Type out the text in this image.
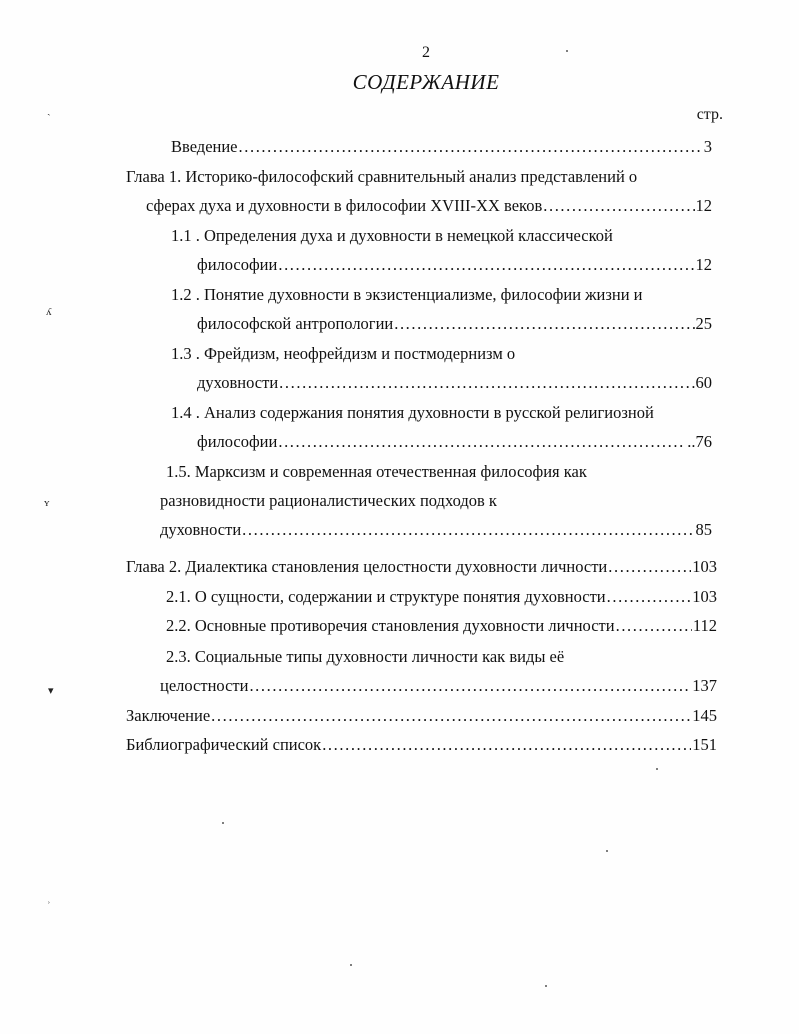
2
СОДЕРЖАНИЕ
стр.
Введение .....	3
Глава 1. Историко-философский сравнительный анализ представлений о
сферах духа и духовности в философии XVIII-XX веков .....	12
1.1 . Определения духа и духовности в немецкой классической
философии .....	12
1.2 . Понятие духовности в экзистенциализме, философии жизни и
философской антропологии .....	25
1.3 . Фрейдизм, неофрейдизм и постмодернизм о
духовности .....	60
1.4 . Анализ содержания понятия духовности в русской религиозной
философии .....	..76
1.5. Марксизм и современная отечественная философия как
разновидности рационалистических подходов к
духовности .....	85
Глава 2. Диалектика становления целостности духовности личности .....	103
2.1. О сущности, содержании и структуре понятия духовности .....	103
2.2. Основные противоречия становления духовности личности .....	112
2.3. Социальные типы духовности личности как виды её
целостности .....	137
Заключение .....	145
Библиографический список .....	151
ˎ
ʎ
ʏ
▾
˒
